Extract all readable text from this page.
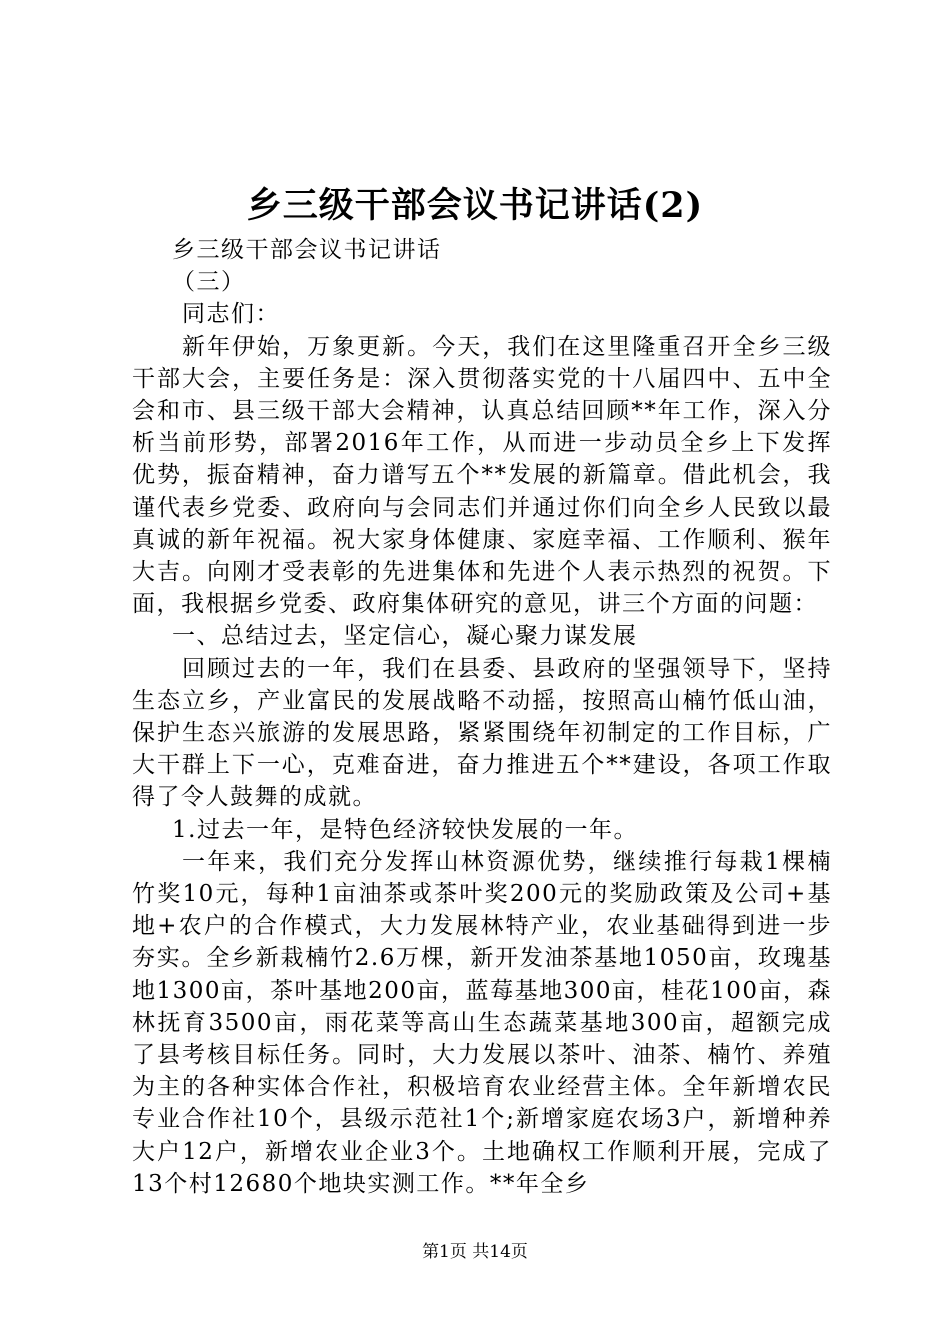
乡三级干部会议书记讲话(2)

乡三级干部会议书记讲话

（三）

同志们：

新年伊始，万象更新。今天，我们在这里隆重召开全乡三级干部大会，主要任务是：深入贯彻落实党的十八届四中、五中全会和市、县三级干部大会精神，认真总结回顾**年工作，深入分析当前形势，部署2016年工作，从而进一步动员全乡上下发挥优势，振奋精神，奋力谱写五个**发展的新篇章。借此机会，我谨代表乡党委、政府向与会同志们并通过你们向全乡人民致以最真诚的新年祝福。祝大家身体健康、家庭幸福、工作顺利、猴年大吉。向刚才受表彰的先进集体和先进个人表示热烈的祝贺。下面，我根据乡党委、政府集体研究的意见，讲三个方面的问题：

一、总结过去，坚定信心，凝心聚力谋发展

回顾过去的一年，我们在县委、县政府的坚强领导下，坚持生态立乡，产业富民的发展战略不动摇，按照高山楠竹低山油，保护生态兴旅游的发展思路，紧紧围绕年初制定的工作目标，广大干群上下一心，克难奋进，奋力推进五个**建设，各项工作取得了令人鼓舞的成就。

1.过去一年，是特色经济较快发展的一年。

一年来，我们充分发挥山林资源优势，继续推行每栽1棵楠竹奖10元，每种1亩油茶或茶叶奖200元的奖励政策及公司+基地+农户的合作模式，大力发展林特产业，农业基础得到进一步夯实。全乡新栽楠竹2.6万棵，新开发油茶基地1050亩，玫瑰基地1300亩，茶叶基地200亩，蓝莓基地300亩，桂花100亩，森林抚育3500亩，雨花菜等高山生态蔬菜基地300亩，超额完成了县考核目标任务。同时，大力发展以茶叶、油茶、楠竹、养殖为主的各种实体合作社，积极培育农业经营主体。全年新增农民专业合作社10个，县级示范社1个;新增家庭农场3户，新增种养大户12户，新增农业企业3个。土地确权工作顺利开展，完成了13个村12680个地块实测工作。**年全乡

第1页 共14页
